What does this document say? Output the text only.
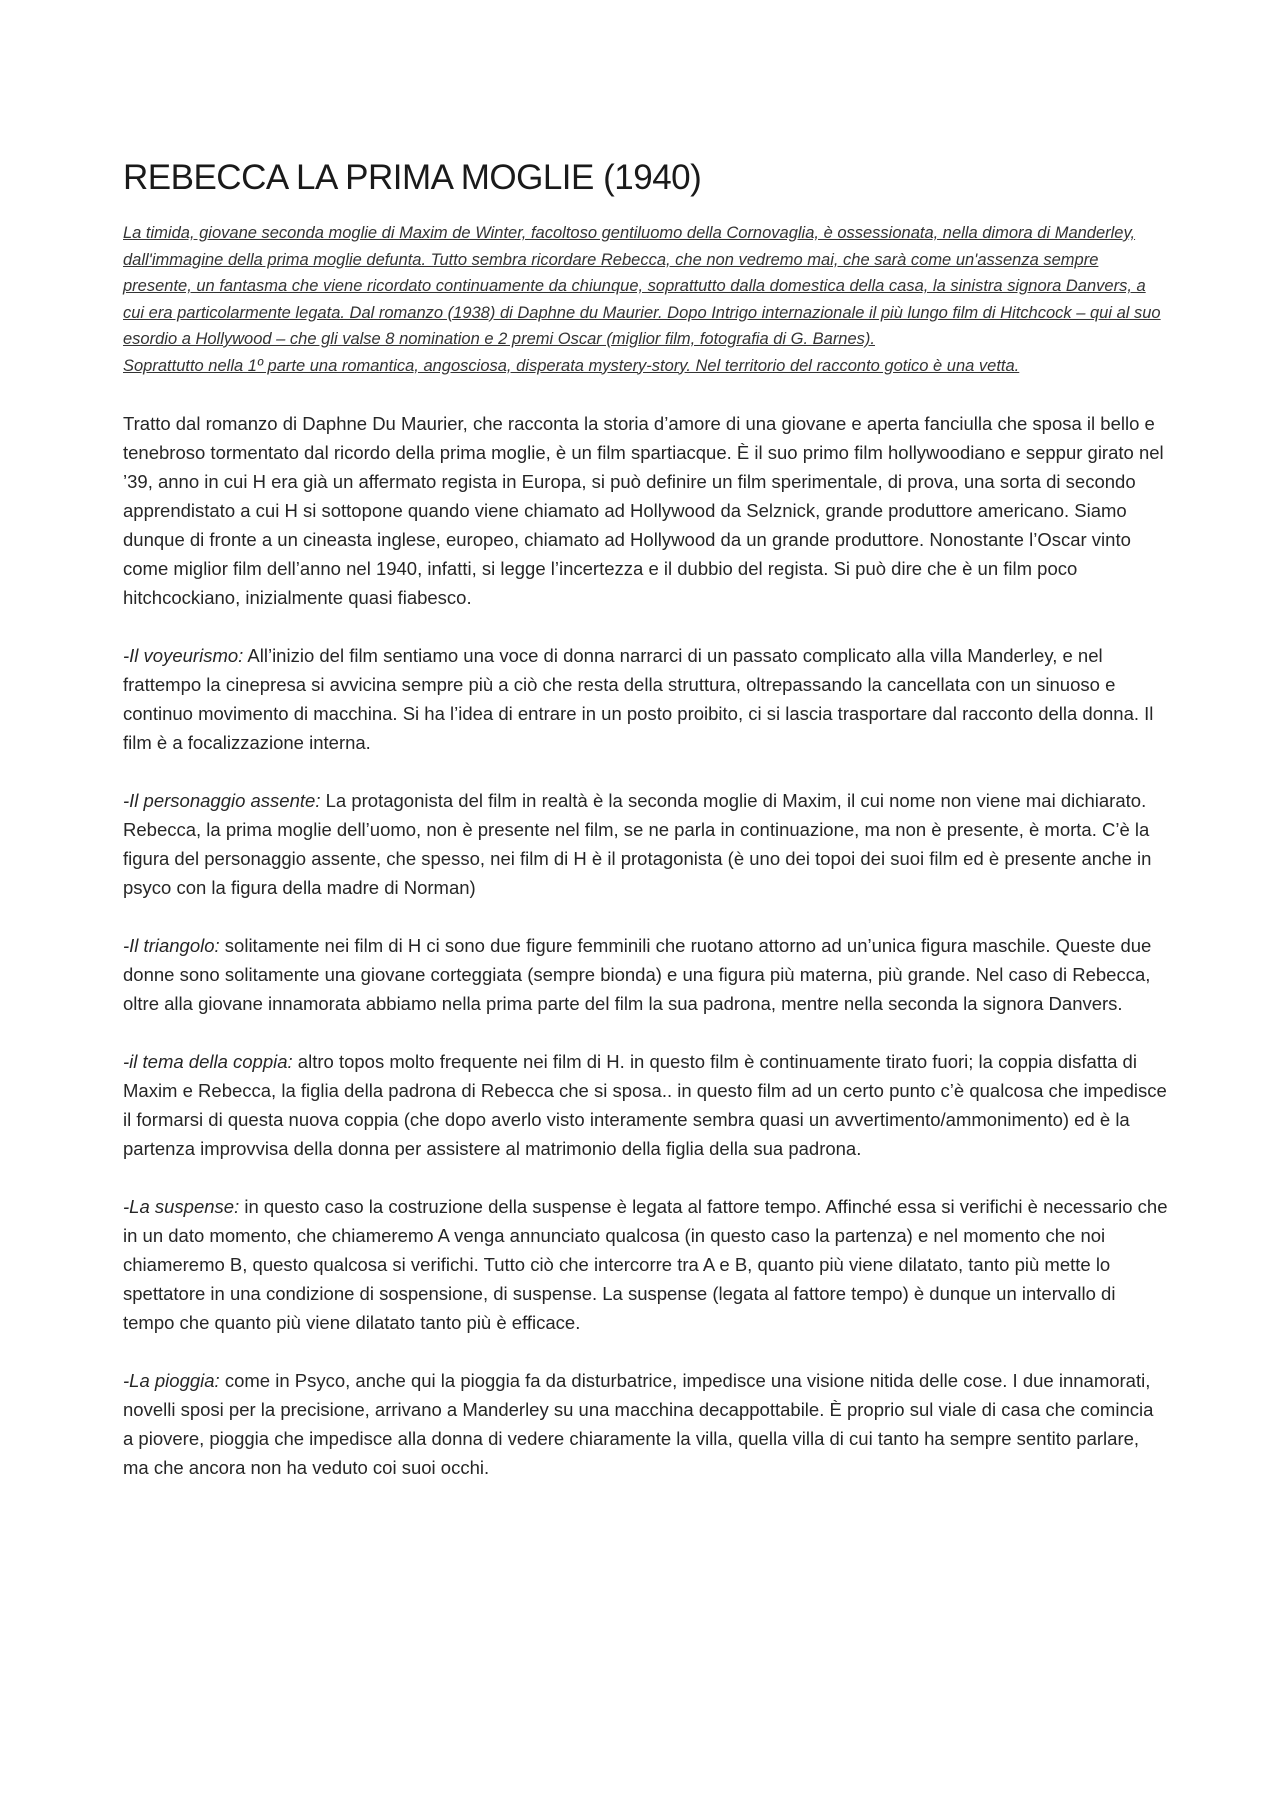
REBECCA LA PRIMA MOGLIE (1940)

La timida, giovane seconda moglie di Maxim de Winter, facoltoso gentiluomo della Cornovaglia, è ossessionata, nella dimora di Manderley, dall'immagine della prima moglie defunta. Tutto sembra ricordare Rebecca, che non vedremo mai, che sarà come un'assenza sempre presente, un fantasma che viene ricordato continuamente da chiunque, soprattutto dalla domestica della casa, la sinistra signora Danvers, a cui era particolarmente legata. Dal romanzo (1938) di Daphne du Maurier. Dopo Intrigo internazionale il più lungo film di Hitchcock – qui al suo esordio a Hollywood – che gli valse 8 nomination e 2 premi Oscar (miglior film, fotografia di G. Barnes).

Soprattutto nella 1º parte una romantica, angosciosa, disperata mystery-story. Nel territorio del racconto gotico è una vetta.

Tratto dal romanzo di Daphne Du Maurier, che racconta la storia d’amore di una giovane e aperta fanciulla che sposa il bello e tenebroso tormentato dal ricordo della prima moglie, è un film spartiacque. È il suo primo film hollywoodiano e seppur girato nel ’39, anno in cui H era già un affermato regista in Europa, si può definire un film sperimentale, di prova, una sorta di secondo apprendistato a cui H si sottopone quando viene chiamato ad Hollywood da Selznick, grande produttore americano. Siamo dunque di fronte a un cineasta inglese, europeo, chiamato ad Hollywood da un grande produttore. Nonostante l’Oscar vinto come miglior film dell’anno nel 1940, infatti, si legge l’incertezza e il dubbio del regista. Si può dire che è un film poco hitchcockiano, inizialmente quasi fiabesco.

-Il voyeurismo: All’inizio del film sentiamo una voce di donna narrarci di un passato complicato alla villa Manderley, e nel frattempo la cinepresa si avvicina sempre più a ciò che resta della struttura, oltrepassando la cancellata con un sinuoso e continuo movimento di macchina. Si ha l’idea di entrare in un posto proibito, ci si lascia trasportare dal racconto della donna. Il film è a focalizzazione interna.

-Il personaggio assente: La protagonista del film in realtà è la seconda moglie di Maxim, il cui nome non viene mai dichiarato. Rebecca, la prima moglie dell’uomo, non è presente nel film, se ne parla in continuazione, ma non è presente, è morta. C’è la figura del personaggio assente, che spesso, nei film di H è il protagonista (è uno dei topoi dei suoi film ed è presente anche in psyco con la figura della madre di Norman)

-Il triangolo: solitamente nei film di H ci sono due figure femminili che ruotano attorno ad un’unica figura maschile. Queste due donne sono solitamente una giovane corteggiata (sempre bionda) e una figura più materna, più grande. Nel caso di Rebecca, oltre alla giovane innamorata abbiamo nella prima parte del film la sua padrona, mentre nella seconda la signora Danvers.

-il tema della coppia: altro topos molto frequente nei film di H. in questo film è continuamente tirato fuori; la coppia disfatta di Maxim e Rebecca, la figlia della padrona di Rebecca che si sposa.. in questo film ad un certo punto c’è qualcosa che impedisce il formarsi di questa nuova coppia (che dopo averlo visto interamente sembra quasi un avvertimento/ammonimento) ed è la partenza improvvisa della donna per assistere al matrimonio della figlia della sua padrona.

-La suspense: in questo caso la costruzione della suspense è legata al fattore tempo. Affinché essa si verifichi è necessario che in un dato momento, che chiameremo A venga annunciato qualcosa (in questo caso la partenza) e nel momento che noi chiameremo B, questo qualcosa si verifichi. Tutto ciò che intercorre tra A e B, quanto più viene dilatato, tanto più mette lo spettatore in una condizione di sospensione, di suspense. La suspense (legata al fattore tempo) è dunque un intervallo di tempo che quanto più viene dilatato tanto più è efficace.

-La pioggia: come in Psyco, anche qui la pioggia fa da disturbatrice, impedisce una visione nitida delle cose. I due innamorati, novelli sposi per la precisione, arrivano a Manderley su una macchina decappottabile. È proprio sul viale di casa che comincia a piovere, pioggia che impedisce alla donna di vedere chiaramente la villa, quella villa di cui tanto ha sempre sentito parlare, ma che ancora non ha veduto coi suoi occhi.
